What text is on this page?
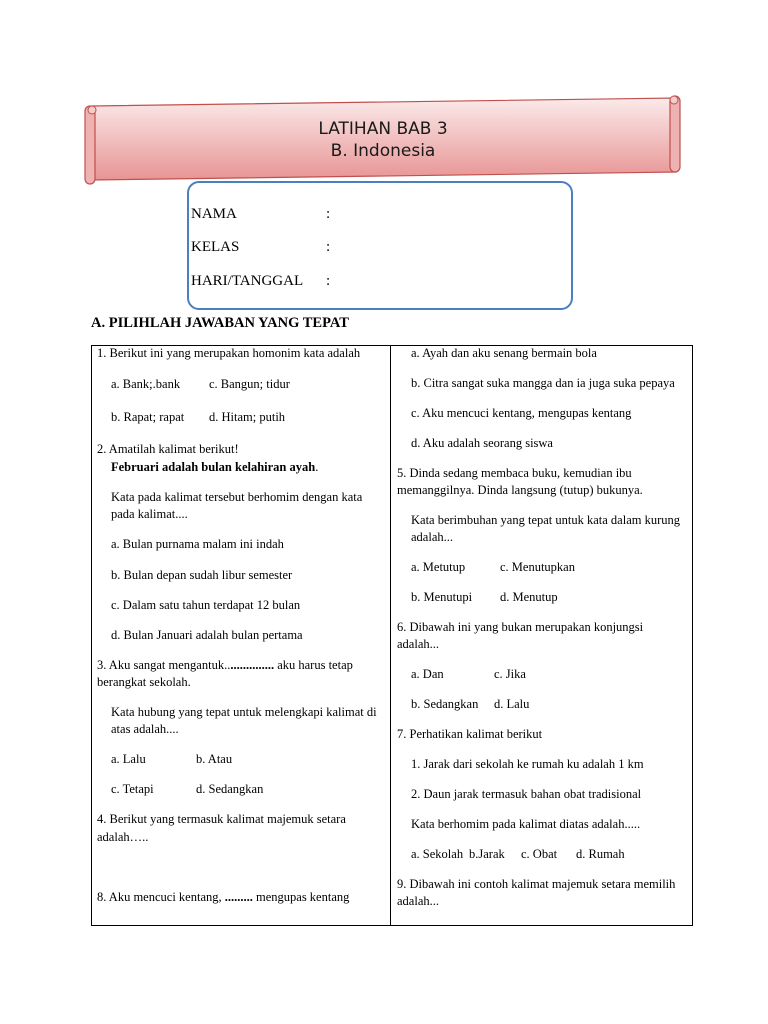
LATIHAN BAB 3
B. Indonesia
NAMA	:
KELAS	:
HARI/TANGGAL :
A. PILIHLAH JAWABAN YANG TEPAT
1. Berikut ini yang merupakan homonim kata adalah
a. Bank;.bank c. Bangun; tidur
b. Rapat; rapat d. Hitam; putih
2. Amatilah kalimat berikut!
Februari adalah bulan kelahiran ayah.
Kata pada kalimat tersebut berhomim dengan kata
pada kalimat....
a. Bulan purnama malam ini indah
b. Bulan depan sudah libur semester
c. Dalam satu tahun terdapat 12 bulan
d. Bulan Januari adalah bulan pertama
3. Aku sangat mengantuk................ aku harus tetap
berangkat sekolah.
Kata hubung yang tepat untuk melengkapi kalimat di
atas adalah....
a. Lalu	b. Atau
c. Tetapi	d. Sedangkan
4. Berikut yang termasuk kalimat majemuk setara
adalah…..
8. Aku mencuci kentang, ......... mengupas kentang
a. Ayah dan aku senang bermain bola
b. Citra sangat suka mangga dan ia juga suka pepaya
c. Aku mencuci kentang, mengupas kentang
d. Aku adalah seorang siswa
5. Dinda sedang membaca buku, kemudian ibu
memanggilnya. Dinda langsung (tutup) bukunya.
Kata berimbuhan yang tepat untuk kata dalam kurung
adalah...
a. Metutup	c. Menutupkan
b. Menutupi d. Menutup
6. Dibawah ini yang bukan merupakan konjungsi
adalah...
a. Dan	c. Jika
b. Sedangkan d. Lalu
7. Perhatikan kalimat berikut
1. Jarak dari sekolah ke rumah ku adalah 1 km
2. Daun jarak termasuk bahan obat tradisional
Kata berhomim pada kalimat diatas adalah.....
a. Sekolah b.Jarak c. Obat d. Rumah
9. Dibawah ini contoh kalimat majemuk setara memilih
adalah...
